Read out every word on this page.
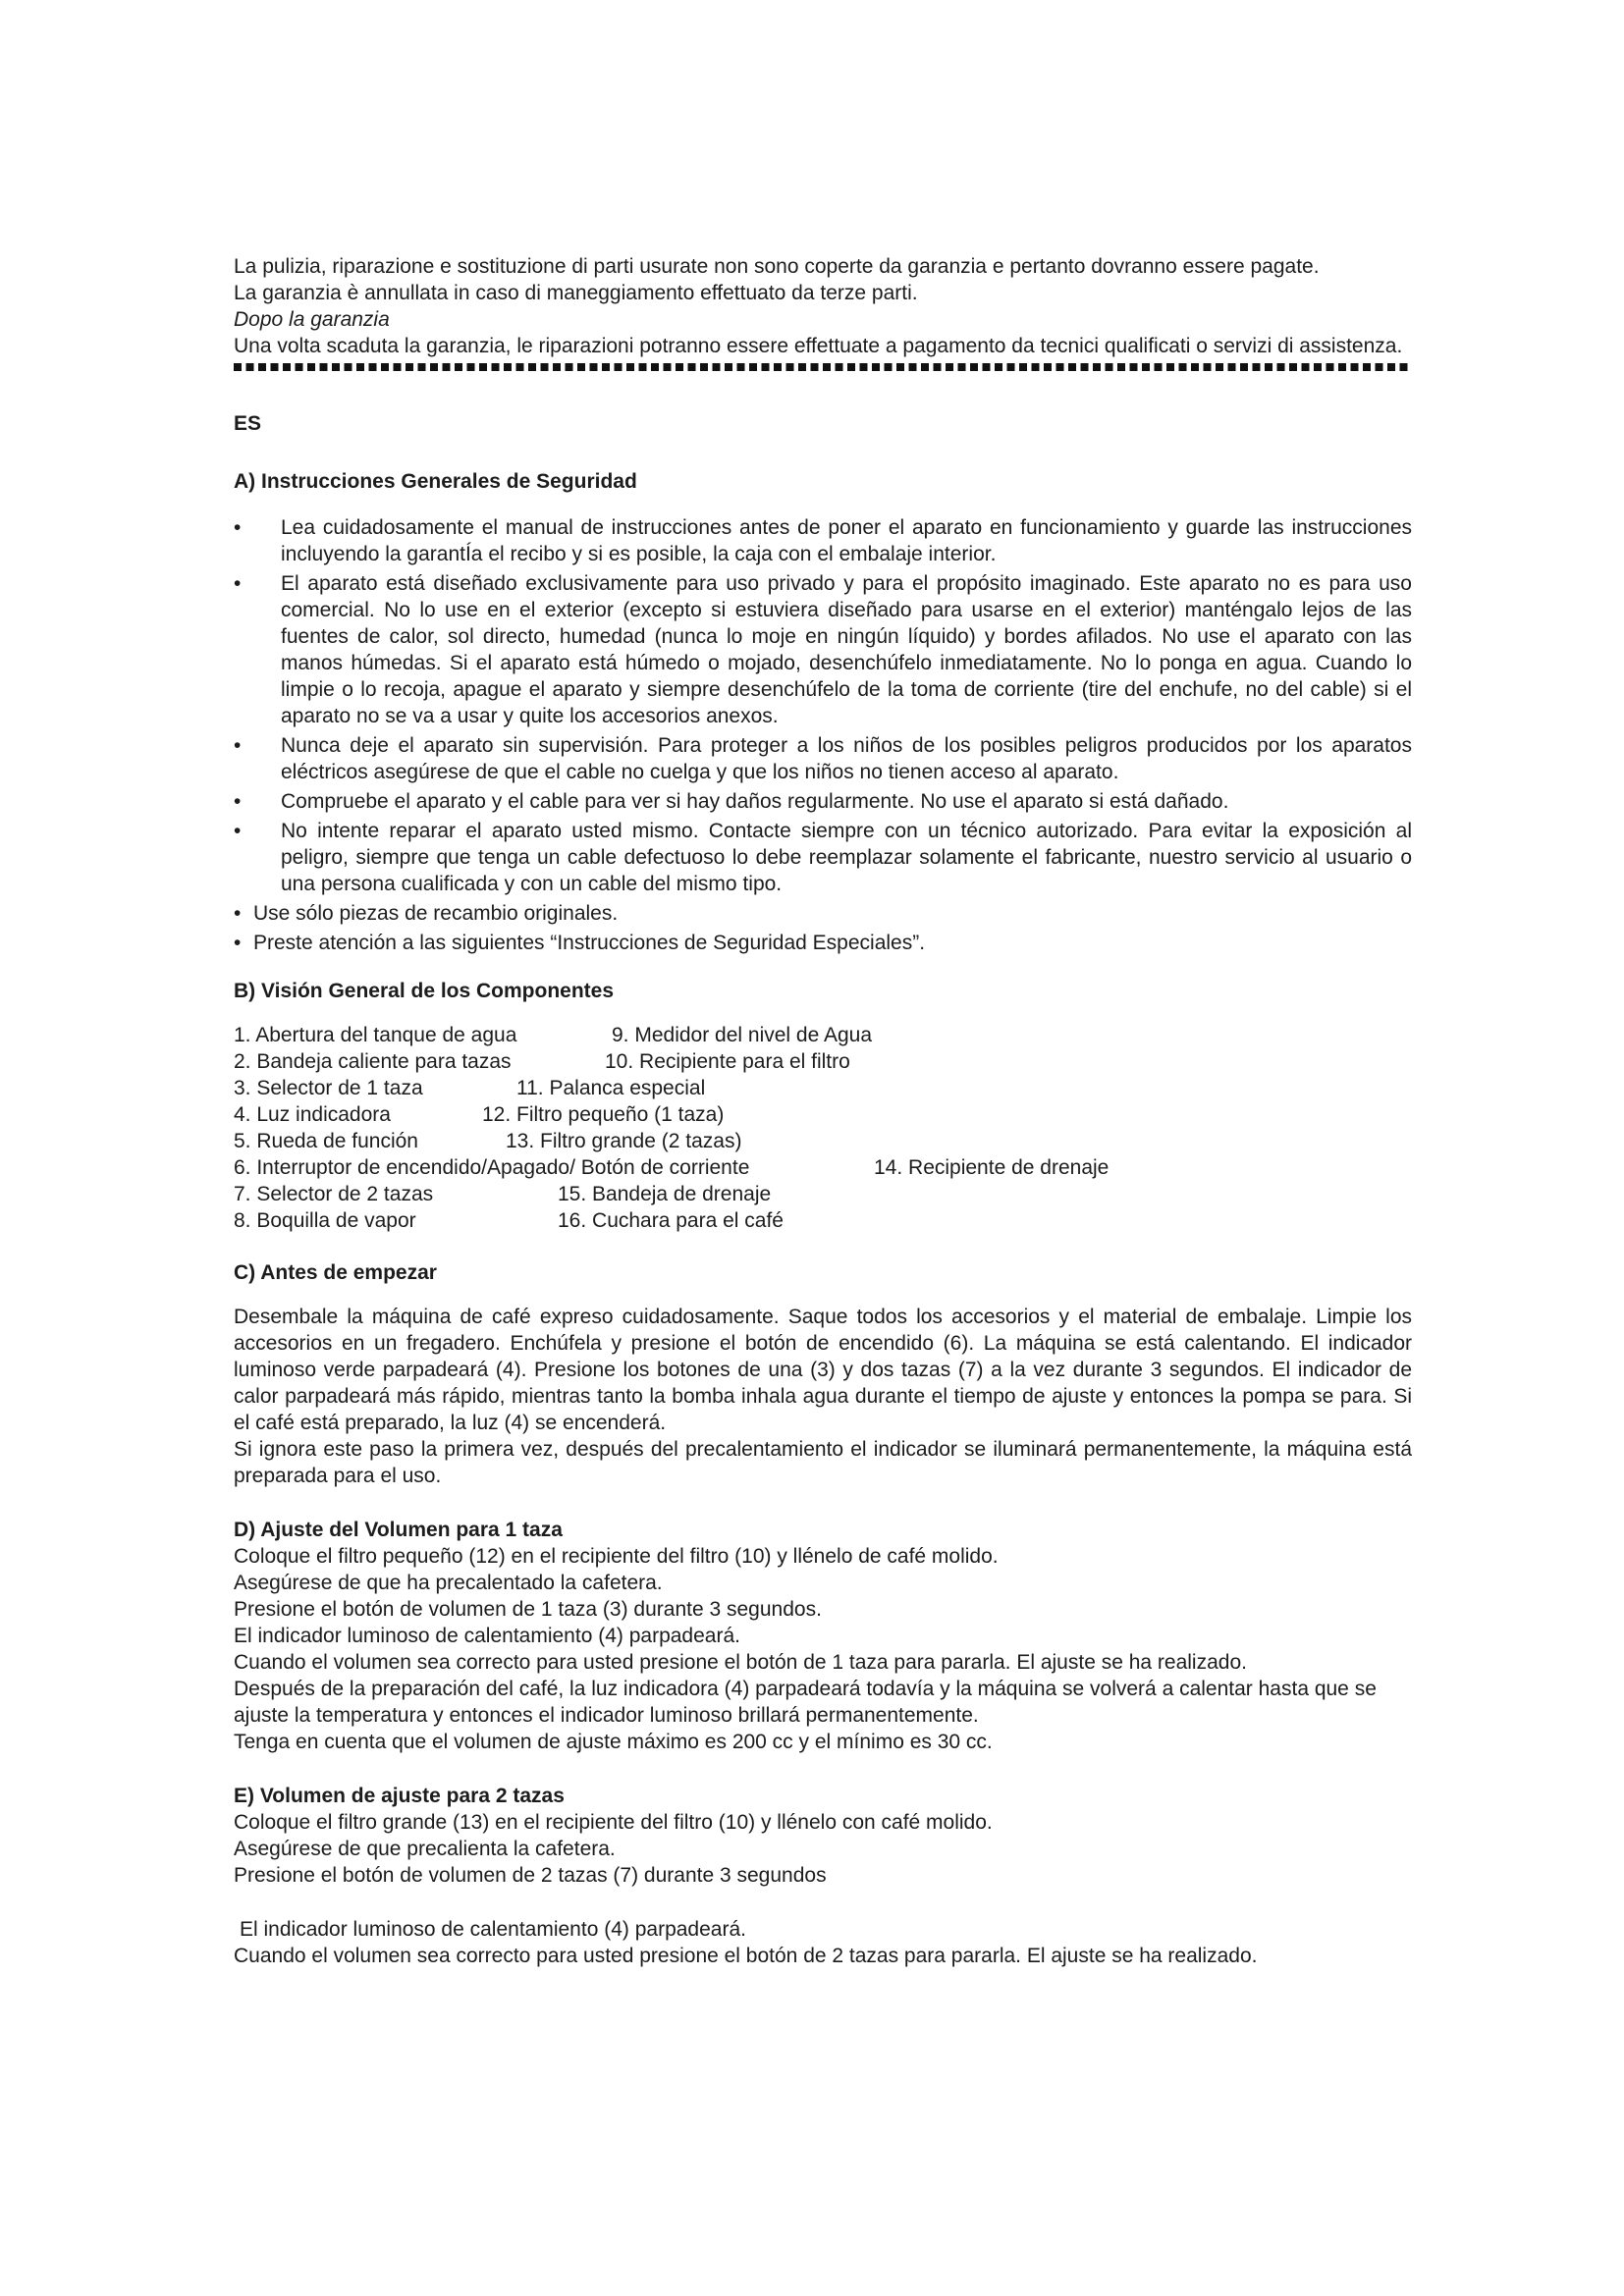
La pulizia, riparazione e sostituzione di parti usurate non sono coperte da garanzia e pertanto dovranno essere pagate.

La garanzia è annullata in caso di maneggiamento effettuato da terze parti.

Dopo la garanzia

Una volta scaduta la garanzia, le riparazioni potranno essere effettuate a pagamento da tecnici qualificati o servizi di assistenza.

ES

A) Instrucciones Generales de Seguridad
• Lea cuidadosamente el manual de instrucciones antes de poner el aparato en funcionamiento y guarde las instrucciones incluyendo la garantÍa el recibo y si es posible, la caja con el embalaje interior.
• El aparato está diseñado exclusivamente para uso privado y para el propósito imaginado. Este aparato no es para uso comercial. No lo use en el exterior (excepto si estuviera diseñado para usarse en el exterior) manténgalo lejos de las fuentes de calor, sol directo, humedad (nunca lo moje en ningún líquido) y bordes afilados. No use el aparato con las manos húmedas. Si el aparato está húmedo o mojado, desenchúfelo inmediatamente. No lo ponga en agua. Cuando lo limpie o lo recoja, apague el aparato y siempre desenchúfelo de la toma de corriente (tire del enchufe, no del cable) si el aparato no se va a usar y quite los accesorios anexos.
• Nunca deje el aparato sin supervisión. Para proteger a los niños de los posibles peligros producidos por los aparatos eléctricos asegúrese de que el cable no cuelga y que los niños no tienen acceso al aparato.
• Compruebe el aparato y el cable para ver si hay daños regularmente. No use el aparato si está dañado.
• No intente reparar el aparato usted mismo. Contacte siempre con un técnico autorizado. Para evitar la exposición al peligro, siempre que tenga un cable defectuoso lo debe reemplazar solamente el fabricante, nuestro servicio al usuario o una persona cualificada y con un cable del mismo tipo.
• Use sólo piezas de recambio originales.
• Preste atención a las siguientes “Instrucciones de Seguridad Especiales”.
B) Visión General de los Componentes
1. Abertura del tanque de agua	9. Medidor del nivel de Agua
2. Bandeja caliente para tazas	10. Recipiente para el filtro
3. Selector de 1 taza	11. Palanca especial
4. Luz indicadora	12. Filtro pequeño (1 taza)
5. Rueda de función	13. Filtro grande (2 tazas)
6. Interruptor de encendido/Apagado/ Botón de corriente	14. Recipiente de drenaje
7. Selector de 2 tazas	15. Bandeja de drenaje
8. Boquilla de vapor	16. Cuchara para el café
C) Antes de empezar

Desembale la máquina de café expreso cuidadosamente. Saque todos los accesorios y el material de embalaje. Limpie los accesorios en un fregadero. Enchúfela y presione el botón de encendido (6). La máquina se está calentando. El indicador luminoso verde parpadeará (4). Presione los botones de una (3) y dos tazas (7) a la vez durante 3 segundos. El indicador de calor parpadeará más rápido, mientras tanto la bomba inhala agua durante el tiempo de ajuste y entonces la pompa se para. Si el café está preparado, la luz (4) se encenderá.

Si ignora este paso la primera vez, después del precalentamiento el indicador se iluminará permanentemente, la máquina está preparada para el uso.

D) Ajuste del Volumen para 1 taza

Coloque el filtro pequeño (12) en el recipiente del filtro (10) y llénelo de café molido.

Asegúrese de que ha precalentado la cafetera.

Presione el botón de volumen de 1 taza (3) durante 3 segundos.

El indicador luminoso de calentamiento (4) parpadeará.

Cuando el volumen sea correcto para usted presione el botón de 1 taza para pararla. El ajuste se ha realizado.

Después de la preparación del café, la luz indicadora (4) parpadeará todavía y la máquina se volverá a calentar hasta que se ajuste la temperatura y entonces el indicador luminoso brillará permanentemente.

Tenga en cuenta que el volumen de ajuste máximo es 200 cc y el mínimo es 30 cc.

E) Volumen de ajuste para 2 tazas

Coloque el filtro grande (13) en el recipiente del filtro (10) y llénelo con café molido.

Asegúrese de que precalienta la cafetera.

Presione el botón de volumen de 2 tazas (7) durante 3 segundos

El indicador luminoso de calentamiento (4) parpadeará.

Cuando el volumen sea correcto para usted presione el botón de 2 tazas para pararla. El ajuste se ha realizado.
